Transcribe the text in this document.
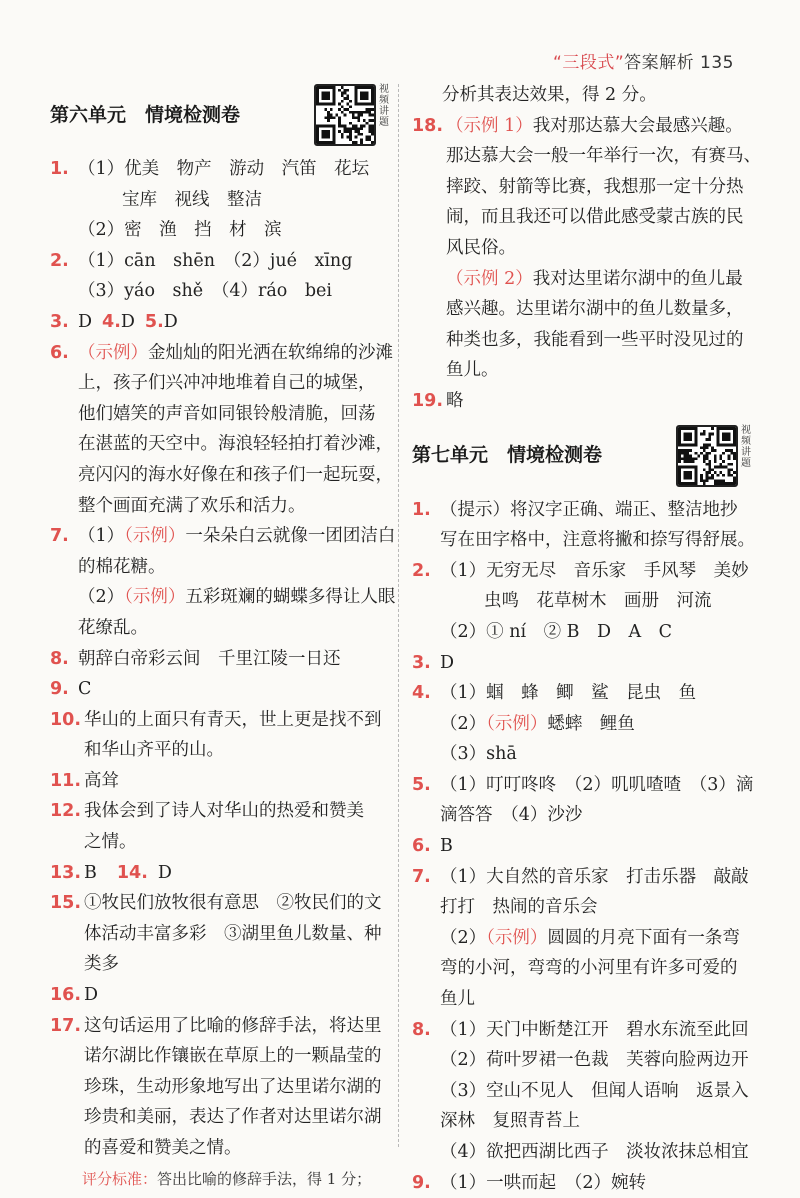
“三段式”答案解析 135
第六单元　情境检测卷
视频讲题
1. （1）优美　物产　游动　汽笛　花坛
宝库　视线　整洁
（2）密　渔　挡　材　滨
2. （1）cān　shēn　（2）jué　xīng
（3）yáo　shě　（4）ráo　bei
3. D 4.D 5.D
6. （示例）金灿灿的阳光洒在软绵绵的沙滩
上，孩子们兴冲冲地堆着自己的城堡，
他们嬉笑的声音如同银铃般清脆，回荡
在湛蓝的天空中。海浪轻轻拍打着沙滩，
亮闪闪的海水好像在和孩子们一起玩耍，
整个画面充满了欢乐和活力。
7. （1）（示例）一朵朵白云就像一团团洁白
的棉花糖。
（2）（示例）五彩斑斓的蝴蝶多得让人眼
花缭乱。
8. 朝辞白帝彩云间　千里江陵一日还
9. C
10. 华山的上面只有青天，世上更是找不到
和华山齐平的山。
11. 高耸
12. 我体会到了诗人对华山的热爱和赞美
之情。
13. B 14. D
15. ①牧民们放牧很有意思　②牧民们的文
体活动丰富多彩　③湖里鱼儿数量、种
类多
16. D
17. 这句话运用了比喻的修辞手法，将达里
诺尔湖比作镶嵌在草原上的一颗晶莹的
珍珠，生动形象地写出了达里诺尔湖的
珍贵和美丽，表达了作者对达里诺尔湖
的喜爱和赞美之情。
评分标准：答出比喻的修辞手法，得 1 分；
分析其表达效果，得 2 分。
18. （示例 1）我对那达慕大会最感兴趣。
那达慕大会一般一年举行一次，有赛马、
摔跤、射箭等比赛，我想那一定十分热
闹，而且我还可以借此感受蒙古族的民
风民俗。
（示例 2）我对达里诺尔湖中的鱼儿最
感兴趣。达里诺尔湖中的鱼儿数量多，
种类也多，我能看到一些平时没见过的
鱼儿。
19. 略
第七单元　情境检测卷
视频讲题
1. （提示）将汉字正确、端正、整洁地抄
写在田字格中，注意将撇和捺写得舒展。
2. （1）无穷无尽　音乐家　手风琴　美妙
虫鸣　花草树木　画册　河流
（2）① ní　② B　D　A　C
3. D
4. （1）蝈　蜂　鲫　鲨　昆虫　鱼
（2）（示例）蟋蟀　鲤鱼
（3）shā
5. （1）叮叮咚咚　（2）叽叽喳喳　（3）滴
滴答答　（4）沙沙
6. B
7. （1）大自然的音乐家　打击乐器　敲敲
打打　热闹的音乐会
（2）（示例）圆圆的月亮下面有一条弯
弯的小河，弯弯的小河里有许多可爱的
鱼儿
8. （1）天门中断楚江开　碧水东流至此回
（2）荷叶罗裙一色裁　芙蓉向脸两边开
（3）空山不见人　但闻人语响　返景入
深林　复照青苔上
（4）欲把西湖比西子　淡妆浓抹总相宜
9. （1）一哄而起　（2）婉转
